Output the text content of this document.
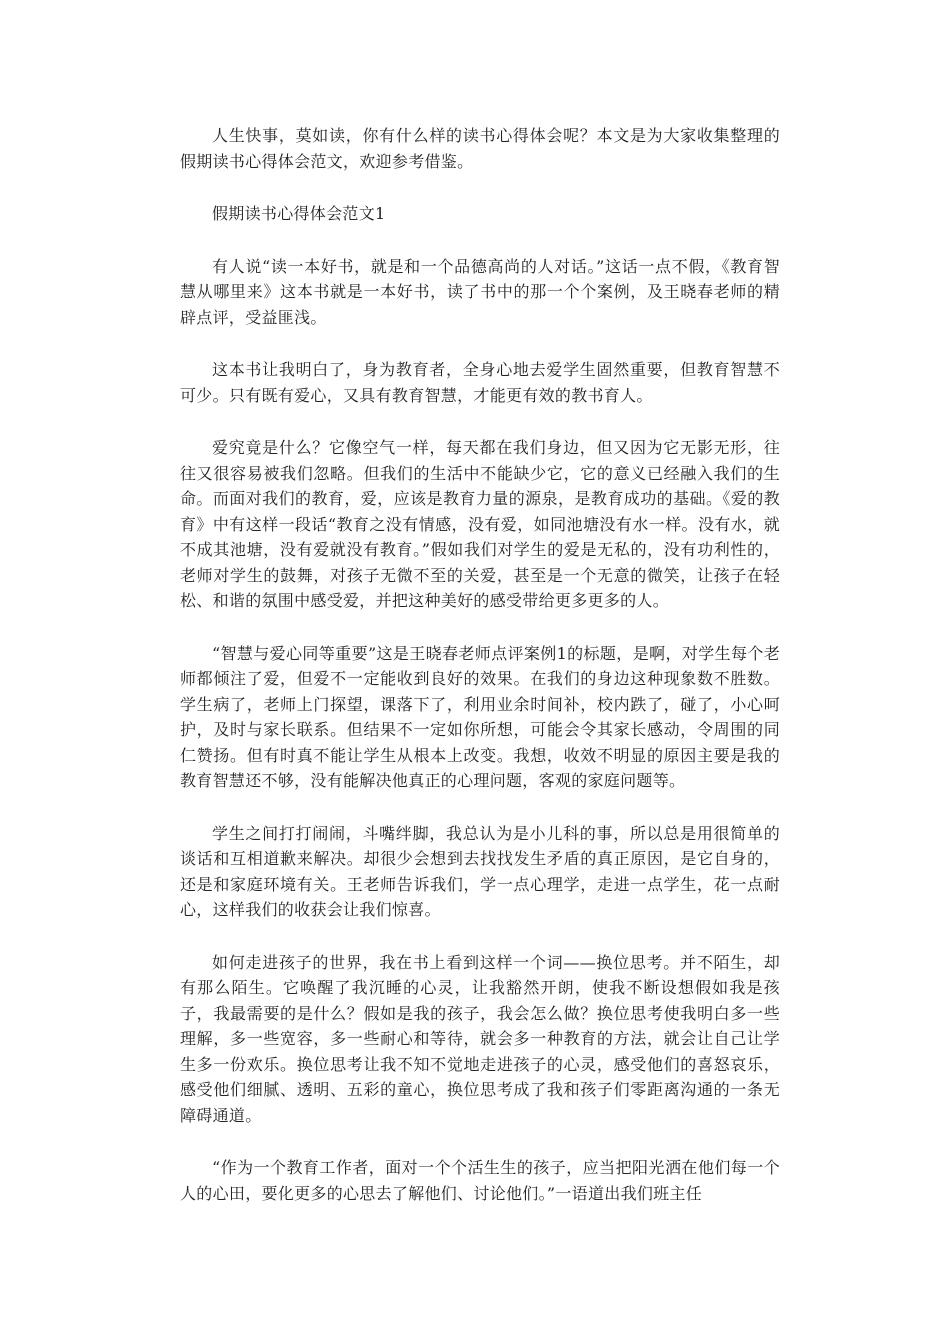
人生快事，莫如读，你有什么样的读书心得体会呢？本文是为大家收集整理的假期读书心得体会范文，欢迎参考借鉴。

假期读书心得体会范文1

有人说“读一本好书，就是和一个品德高尚的人对话。”这话一点不假，《教育智慧从哪里来》这本书就是一本好书，读了书中的那一个个案例，及王晓春老师的精辟点评，受益匪浅。

这本书让我明白了，身为教育者，全身心地去爱学生固然重要，但教育智慧不可少。只有既有爱心，又具有教育智慧，才能更有效的教书育人。

爱究竟是什么？它像空气一样，每天都在我们身边，但又因为它无影无形，往往又很容易被我们忽略。但我们的生活中不能缺少它，它的意义已经融入我们的生命。而面对我们的教育，爱，应该是教育力量的源泉，是教育成功的基础。《爱的教育》中有这样一段话“教育之没有情感，没有爱，如同池塘没有水一样。没有水，就不成其池塘，没有爱就没有教育。”假如我们对学生的爱是无私的，没有功利性的，老师对学生的鼓舞，对孩子无微不至的关爱，甚至是一个无意的微笑，让孩子在轻松、和谐的氛围中感受爱，并把这种美好的感受带给更多更多的人。

“智慧与爱心同等重要”这是王晓春老师点评案例1的标题，是啊，对学生每个老师都倾注了爱，但爱不一定能收到良好的效果。在我们的身边这种现象数不胜数。学生病了，老师上门探望，课落下了，利用业余时间补，校内跌了，碰了，小心呵护，及时与家长联系。但结果不一定如你所想，可能会令其家长感动，令周围的同仁赞扬。但有时真不能让学生从根本上改变。我想，收效不明显的原因主要是我的教育智慧还不够，没有能解决他真正的心理问题，客观的家庭问题等。

学生之间打打闹闹，斗嘴绊脚，我总认为是小儿科的事，所以总是用很简单的谈话和互相道歉来解决。却很少会想到去找找发生矛盾的真正原因，是它自身的，还是和家庭环境有关。王老师告诉我们，学一点心理学，走进一点学生，花一点耐心，这样我们的收获会让我们惊喜。

如何走进孩子的世界，我在书上看到这样一个词——换位思考。并不陌生，却有那么陌生。它唤醒了我沉睡的心灵，让我豁然开朗，使我不断设想假如我是孩子，我最需要的是什么？假如是我的孩子，我会怎么做？换位思考使我明白多一些理解，多一些宽容，多一些耐心和等待，就会多一种教育的方法，就会让自己让学生多一份欢乐。换位思考让我不知不觉地走进孩子的心灵，感受他们的喜怒哀乐，感受他们细腻、透明、五彩的童心，换位思考成了我和孩子们零距离沟通的一条无障碍通道。

“作为一个教育工作者，面对一个个活生生的孩子，应当把阳光洒在他们每一个人的心田，要化更多的心思去了解他们、讨论他们。”一语道出我们班主任
